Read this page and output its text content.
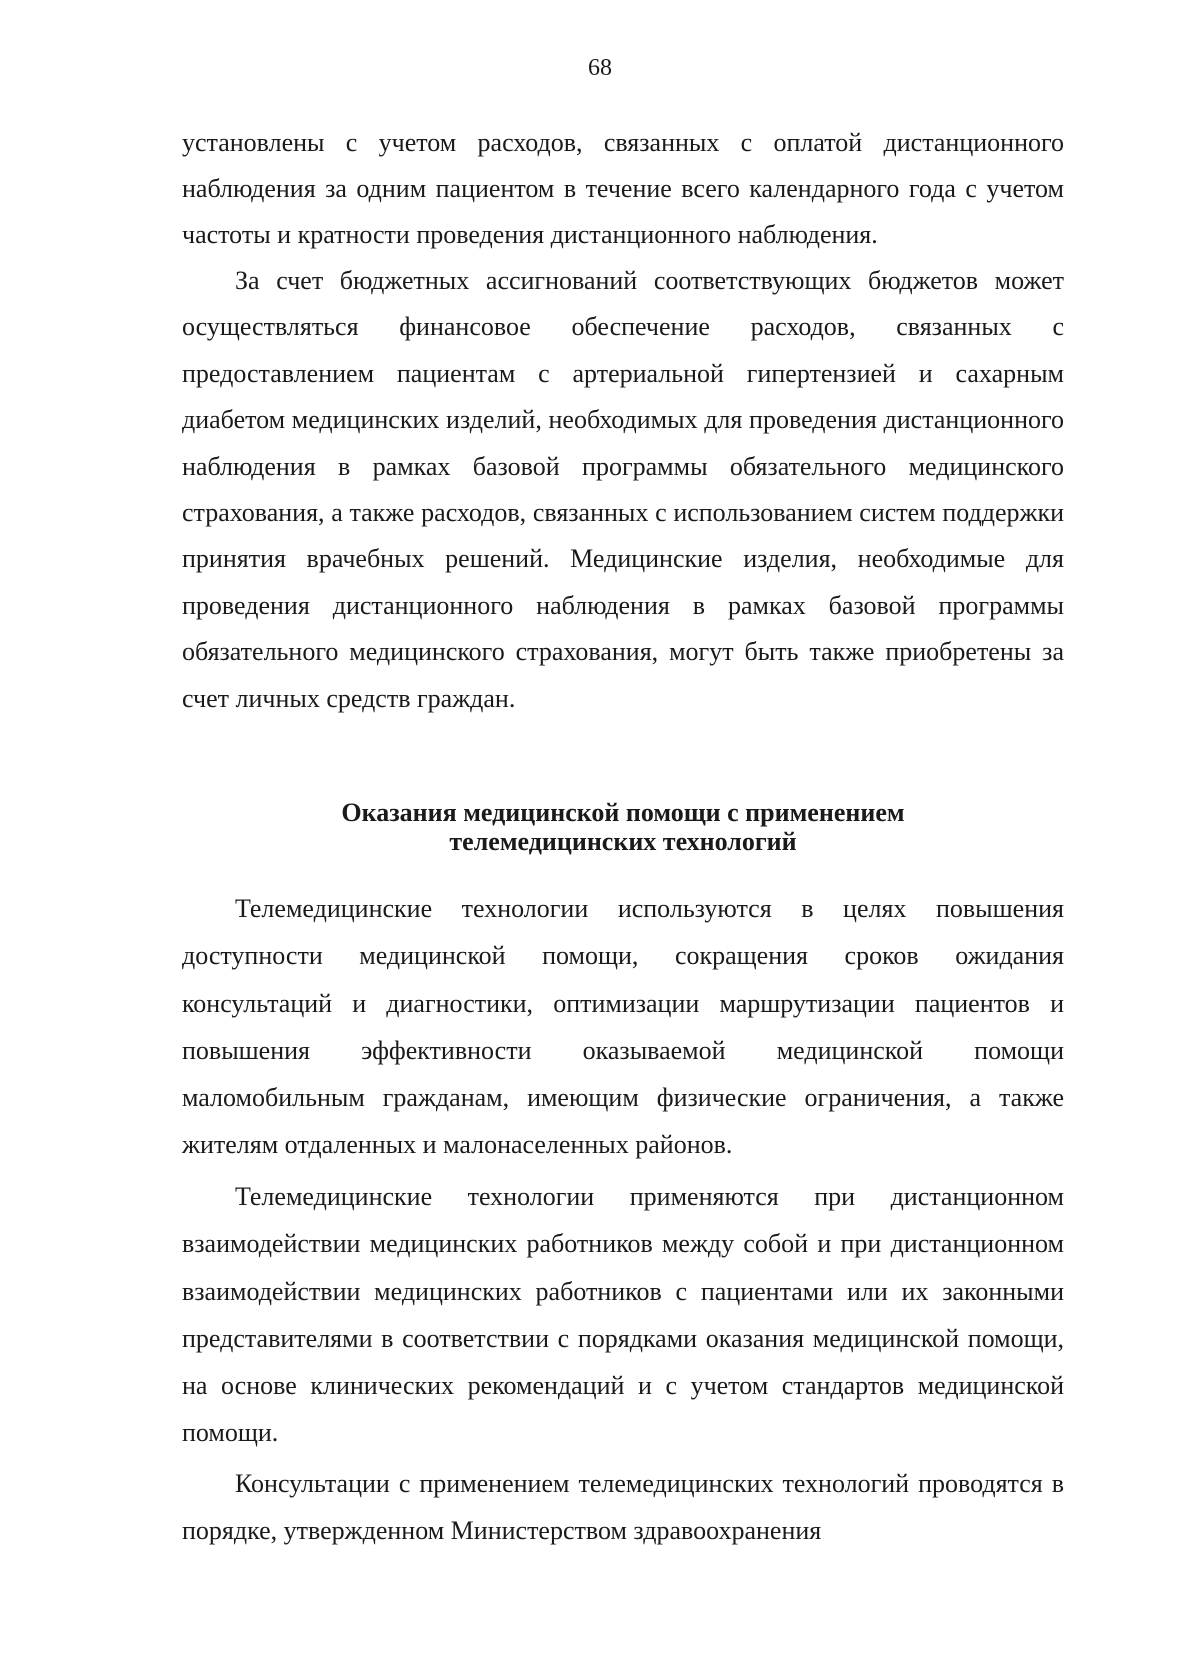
68

установлены с учетом расходов, связанных с оплатой дистанционного наблюдения за одним пациентом в течение всего календарного года с учетом частоты и кратности проведения дистанционного наблюдения.

За счет бюджетных ассигнований соответствующих бюджетов может осуществляться финансовое обеспечение расходов, связанных с предоставлением пациентам с артериальной гипертензией и сахарным диабетом медицинских изделий, необходимых для проведения дистанционного наблюдения в рамках базовой программы обязательного медицинского страхования, а также расходов, связанных с использованием систем поддержки принятия врачебных решений. Медицинские изделия, необходимые для проведения дистанционного наблюдения в рамках базовой программы обязательного медицинского страхования, могут быть также приобретены за счет личных средств граждан.

Оказания медицинской помощи с применением
телемедицинских технологий

Телемедицинские технологии используются в целях повышения доступности медицинской помощи, сокращения сроков ожидания консультаций и диагностики, оптимизации маршрутизации пациентов и повышения эффективности оказываемой медицинской помощи маломобильным гражданам, имеющим физические ограничения, а также жителям отдаленных и малонаселенных районов.

Телемедицинские технологии применяются при дистанционном взаимодействии медицинских работников между собой и при дистанционном взаимодействии медицинских работников с пациентами или их законными представителями в соответствии с порядками оказания медицинской помощи, на основе клинических рекомендаций и с учетом стандартов медицинской помощи.

Консультации с применением телемедицинских технологий проводятся в порядке, утвержденном Министерством здравоохранения
